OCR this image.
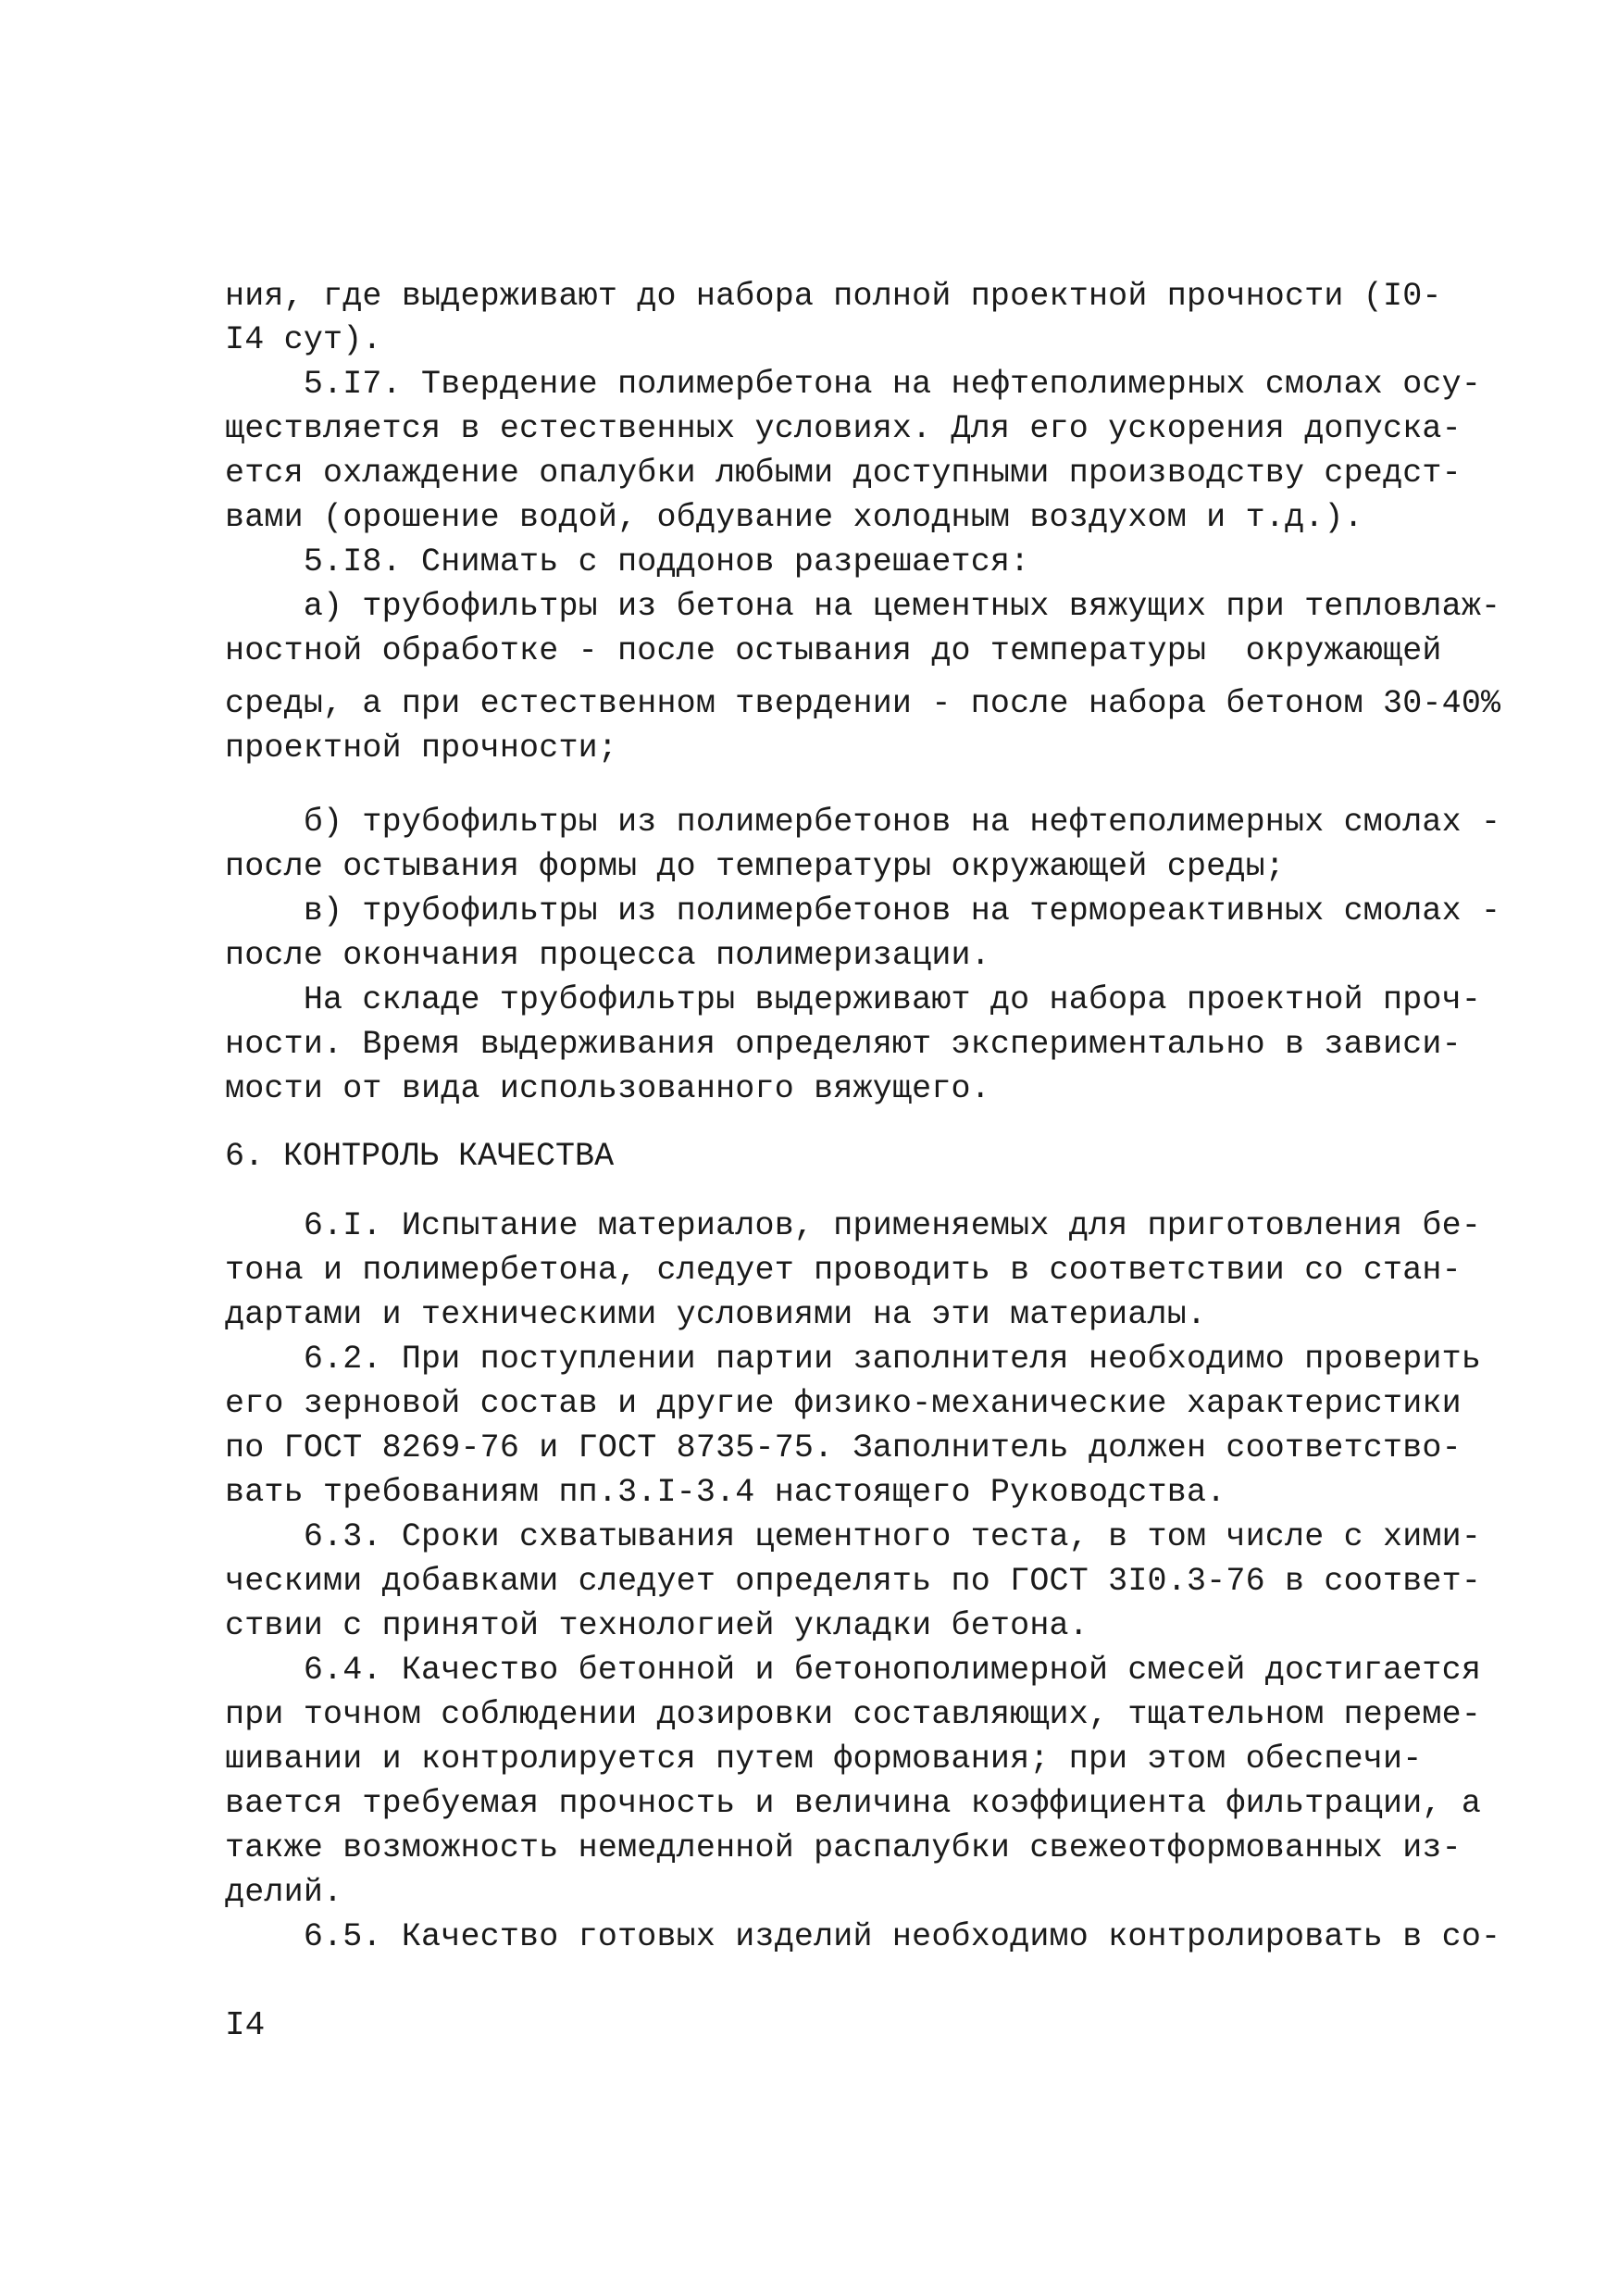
ния, где выдерживают до набора полной проектной прочности (I0-
I4 сут).
5.I7. Твердение полимербетона на нефтеполимерных смолах осу-
ществляется в естественных условиях. Для его ускорения допуска-
ется охлаждение опалубки любыми доступными производству средст-
вами (орошение водой, обдувание холодным воздухом и т.д.).
5.I8. Снимать с поддонов разрешается:
а) трубофильтры из бетона на цементных вяжущих при тепловлаж-
ностной обработке - после остывания до температуры  окружающей
среды, а при естественном твердении - после набора бетоном 30-40%
проектной прочности;
б) трубофильтры из полимербетонов на нефтеполимерных смолах -
после остывания формы до температуры окружающей среды;
в) трубофильтры из полимербетонов на термореактивных смолах -
после окончания процесса полимеризации.
На складе трубофильтры выдерживают до набора проектной проч-
ности. Время выдерживания определяют экспериментально в зависи-
мости от вида использованного вяжущего.
6. КОНТРОЛЬ КАЧЕСТВА
6.I. Испытание материалов, применяемых для приготовления бе-
тона и полимербетона, следует проводить в соответствии со стан-
дартами и техническими условиями на эти материалы.
6.2. При поступлении партии заполнителя необходимо проверить
его зерновой состав и другие физико-механические характеристики
по ГОСТ 8269-76 и ГОСТ 8735-75. Заполнитель должен соответство-
вать требованиям пп.3.I-3.4 настоящего Руководства.
6.3. Сроки схватывания цементного теста, в том числе с хими-
ческими добавками следует определять по ГОСТ 3I0.3-76 в соответ-
ствии с принятой технологией укладки бетона.
6.4. Качество бетонной и бетонополимерной смесей достигается
при точном соблюдении дозировки составляющих, тщательном переме-
шивании и контролируется путем формования; при этом обеспечи-
вается требуемая прочность и величина коэффициента фильтрации, а
также возможность немедленной распалубки свежеотформованных из-
делий.
6.5. Качество готовых изделий необходимо контролировать в со-
I4
